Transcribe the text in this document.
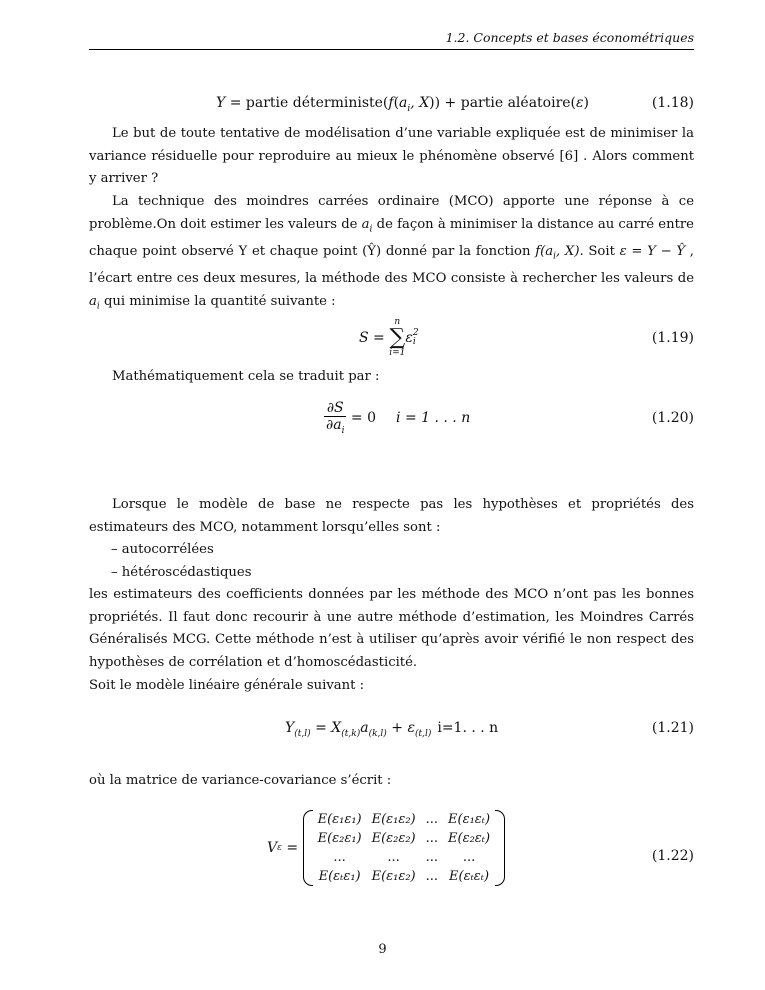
1.2. Concepts et bases économétriques
Y = partie $déterministe(f(a_i$, X)) + partie aléatoire(ε)	(1.18)
Le but de toute tentative de modélisation d’une variable expliquée est de minimiser la variance résiduelle pour reproduire au mieux le phénomène observé [6] . Alors comment y arriver ?
La technique des moindres carrées ordinaire (MCO) apporte une réponse à ce problème.On doit estimer les valeurs de $a_i$ de façon à minimiser la distance au carré entre chaque point observé Y et chaque point (Ŷ) donné par la fonction $f(a_i$, X). Soit ε = Y − Ŷ , l’écart entre ces deux mesures, la méthode des MCO consiste à rechercher les valeurs de $a_i$ qui minimise la quantité suivante :
S =
n
∑
i=1
ε 2
i	(1.19)
Mathématiquement cela se traduit par :
$\frac{\partial S}{\partial a_i} = 0$ i = 1 . . . n	(1.20)
Lorsque le modèle de base ne respecte pas les hypothèses et propriétés des estimateurs des MCO, notamment lorsqu’elles sont :
– autocorrélées
– hétéroscédastiques
les estimateurs des coefficients données par les méthode des MCO n’ont pas les bonnes propriétés. Il faut donc recourir à une autre méthode d’estimation, les Moindres Carrés Généralisés MCG. Cette méthode n’est à utiliser qu’après avoir vérifié le non respect des hypothèses de corrélation et d’homoscédasticité.
Soit le modèle linéaire générale suivant :
$Y_{(t,l)} = X_{(t,k)}a_{(k,l)} + \varepsilon_{(t,l)}$ i=1. . . n	(1.21)
où la matrice de variance-covariance s’écrit :
Vε =
E(ε₁ε₁)	E(ε₁ε₂)	...	E(ε₁εₜ)
E(ε₂ε₁)	E(ε₂ε₂)	...	E(ε₂εₜ)
...	...	...	...
E(εₜε₁)	E(ε₁ε₂)	...	E(εₜεₜ)
(1.22)
9
